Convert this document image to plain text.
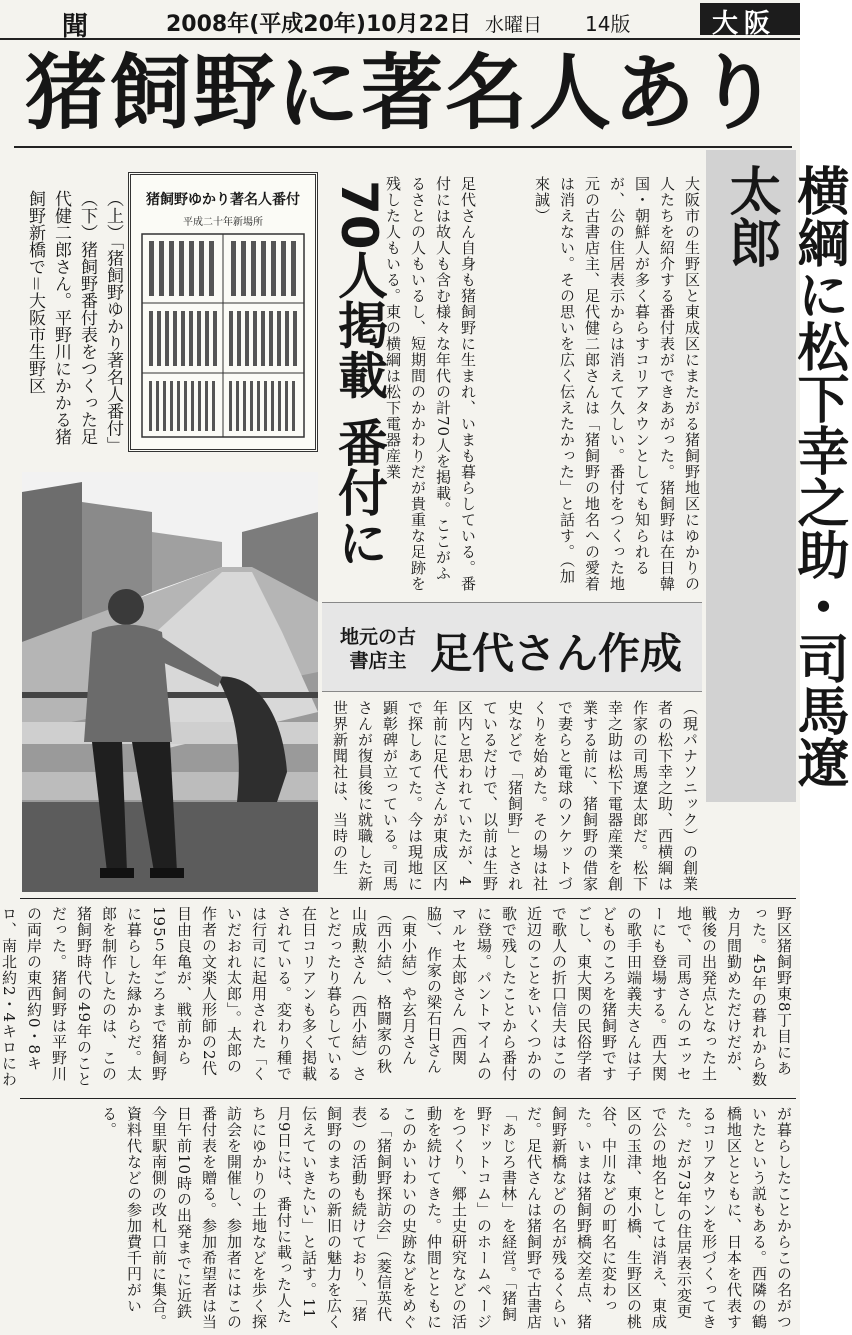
聞	2008年(平成20年)10月22日 水曜日 14版	大阪
猪飼野に著名人あり
横綱に松下幸之助・司馬遼太郎
大阪市の生野区と東成区にまたがる猪飼野地区にゆかりの人たちを紹介する番付表ができあがった。猪飼野は在日韓国・朝鮮人が多く暮らすコリアタウンとしても知られるが、公の住居表示からは消えて久しい。番付をつくった地元の古書店主、足代健二郎さんは「猪飼野の地名への愛着は消えない。その思いを広く伝えたかった」と話す。（加來誠）
足代さん自身も猪飼野に生まれ、いまも暮らしている。番付には故人も含む様々な年代の計70人を掲載。ここがふるさとの人もいるし、短期間のかかわりだが貴重な足跡を残した人もいる。東の横綱は松下電器産業
70人掲載 番付に
猪飼野ゆかり著名人番付
平成二十年新場所
（上）「猪飼野ゆかり著名人番付」（下）猪飼野番付表をつくった足代健二郎さん。平野川にかかる猪飼野新橋で＝大阪市生野区
地元の古書店主 足代さん作成
（現パナソニック）の創業者の松下幸之助、西横綱は作家の司馬遼太郎だ。松下幸之助は松下電器産業を創業する前に、猪飼野の借家で妻らと電球のソケットづくりを始めた。その場は社史などで「猪飼野」とされているだけで、以前は生野区内と思われていたが、4年前に足代さんが東成区内で探しあてた。今は現地に顕彰碑が立っている。司馬さんが復員後に就職した新世界新聞社は、当時の生
野区猪飼野東8丁目にあった。45年の暮れから数カ月間勤めただけだが、戦後の出発点となった土地で、司馬さんのエッセーにも登場する。西大関の歌手田端義夫さんは子どものころを猪飼野ですごし、東大関の民俗学者で歌人の折口信夫はこの近辺のことをいくつかの歌で残したことから番付に登場。パントマイムのマルセ太郎さん（西関脇）、作家の梁石日さん（東小結）や玄月さん（西小結）、格闘家の秋山成勲さん（西小結）さとだったり暮らしている在日コリアンも多く掲載されている。変わり種では行司に起用された「くいだおれ太郎」。太郎の作者の文楽人形師の2代目由良亀が、戦前から195５年ごろまで猪飼野に暮らした縁からだ。太郎を制作したのは、この猪飼野時代の49年のことだった。猪飼野は平野川の両岸の東西約0・8キロ、南北約2・4キロにわ
が暮らしたことからこの名がついたという説もある。西隣の鶴橋地区とともに、日本を代表するコリアタウンを形づくってきた。だが73年の住居表示変更で公の地名としては消え、東成区の玉津、東小橋、生野区の桃谷、中川などの町名に変わった。いまは猪飼野橋交差点、猪飼野新橋などの名が残るくらいだ。足代さんは猪飼野で古書店「あじろ書林」を経営。「猪飼野ドットコム」のホームページをつくり、郷土史研究などの活動を続けてきた。仲間とともにこのかいわいの史跡などをめぐる「猪飼野探訪会」（菱信英代表）の活動も続けており、「猪飼野のまちの新旧の魅力を広く伝えていきたい」と話す。11月9日には、番付に載った人たちにゆかりの土地などを歩く探訪会を開催し、参加者にはこの番付表を贈る。参加希望者は当日午前10時の出発までに近鉄今里駅南側の改札口前に集合。資料代などの参加費千円がいる。
